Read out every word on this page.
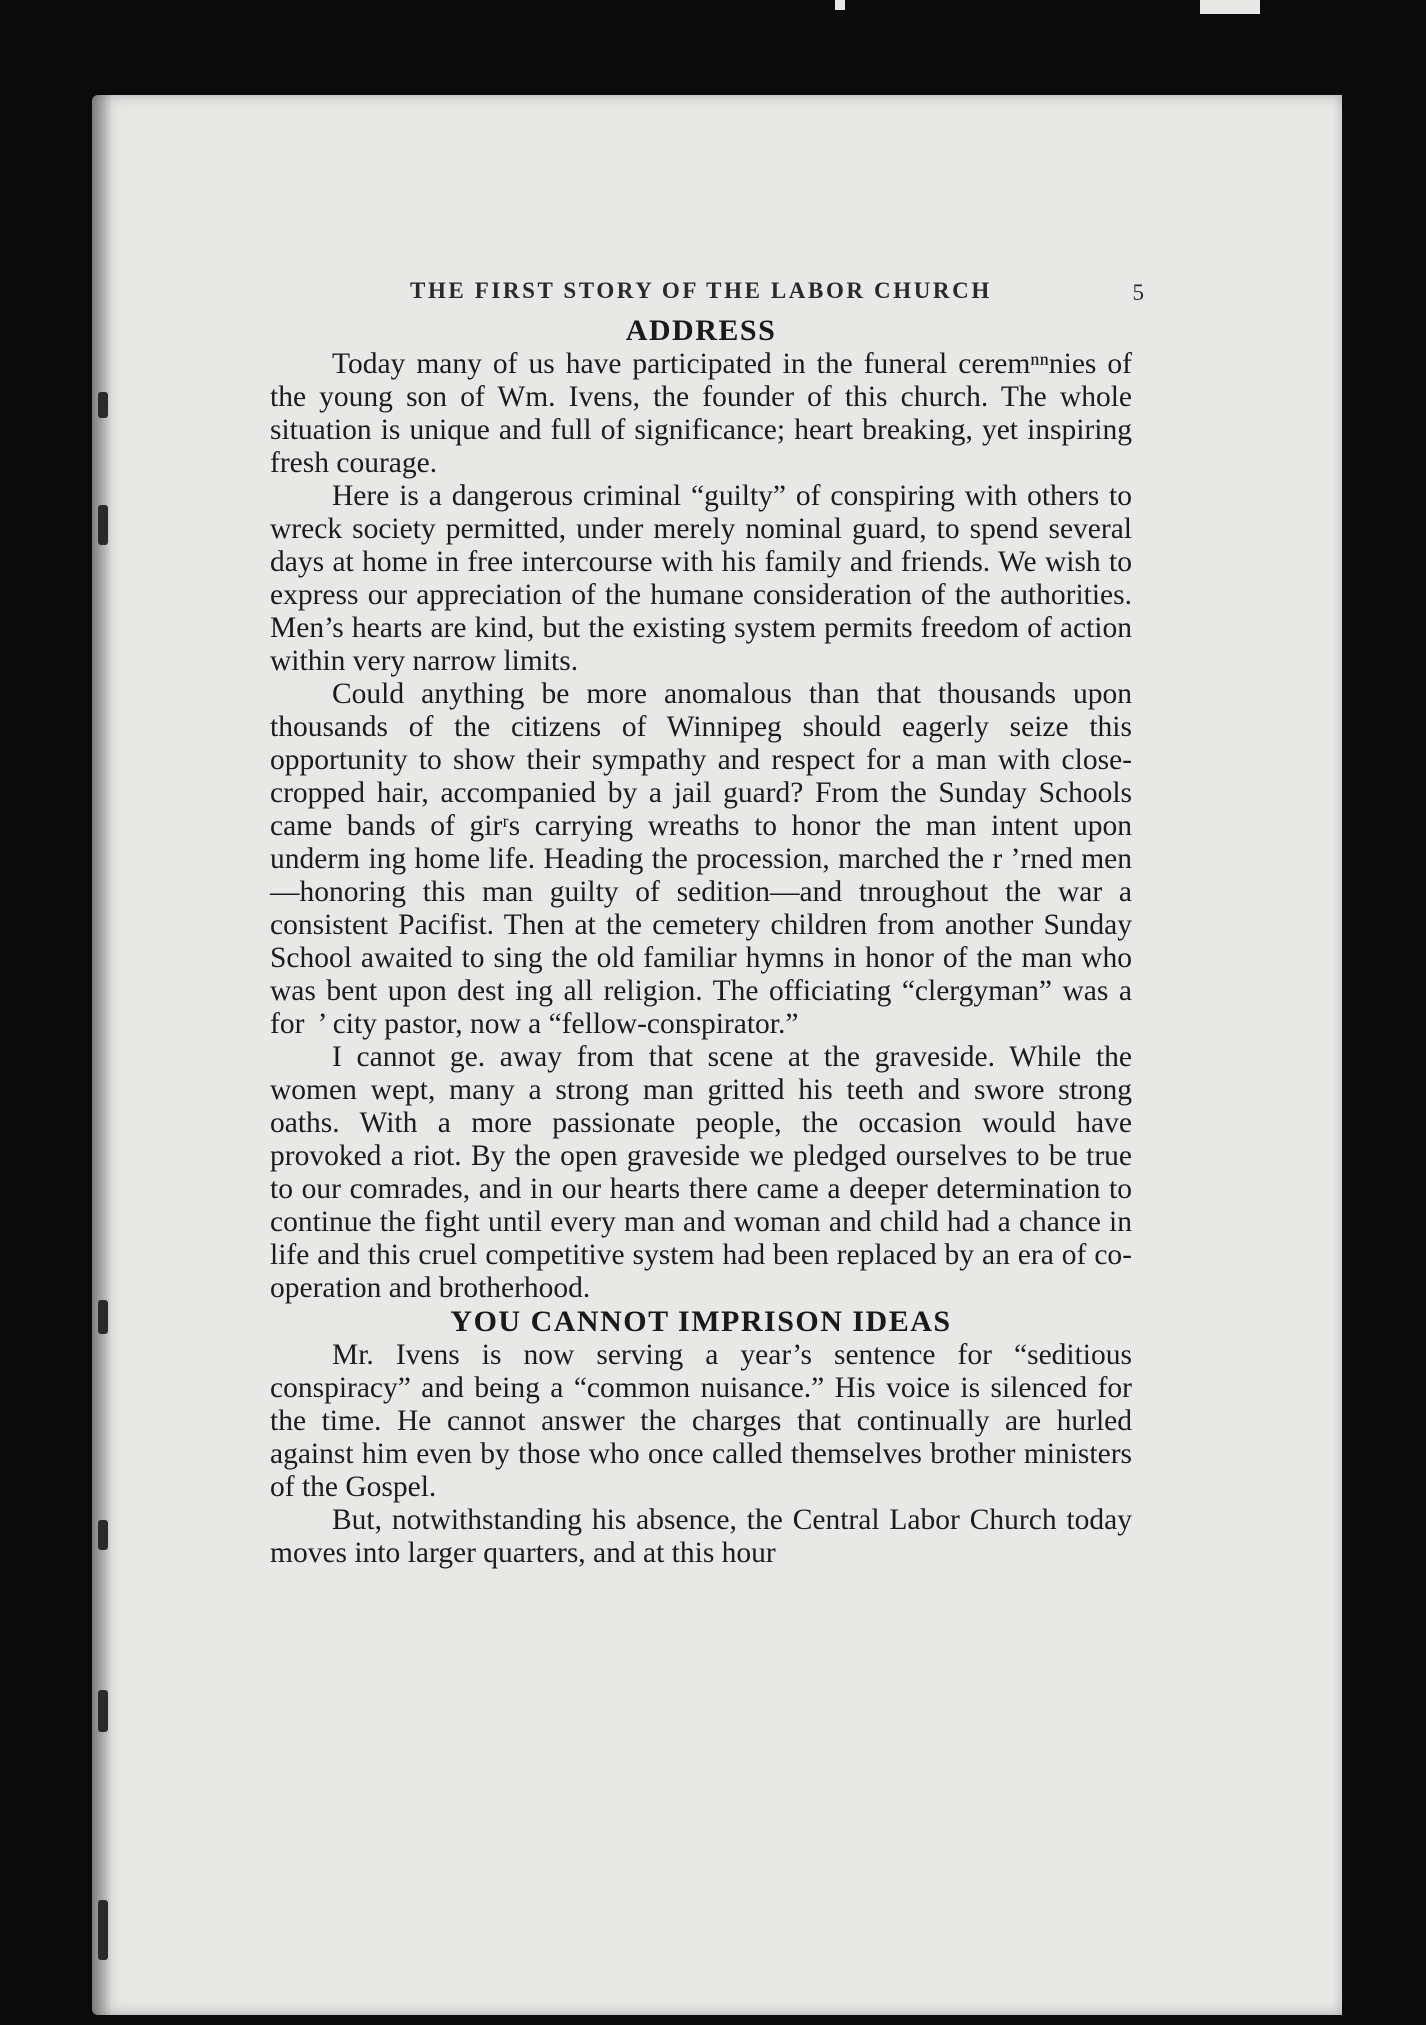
THE FIRST STORY OF THE LABOR CHURCH	5
ADDRESS

Today many of us have participated in the funeral ceremⁿⁿnies of the young son of Wm. Ivens, the founder of this church. The whole situation is unique and full of significance; heart breaking, yet inspiring fresh courage.

Here is a dangerous criminal “guilty” of conspiring with others to wreck society permitted, under merely nominal guard, to spend several days at home in free intercourse with his family and friends. We wish to express our appreciation of the humane consideration of the authorities. Men’s hearts are kind, but the existing system permits freedom of action within very narrow limits.

Could anything be more anomalous than that thousands upon thousands of the citizens of Winnipeg should eagerly seize this opportunity to show their sympathy and respect for a man with close-cropped hair, accompanied by a jail guard? From the Sunday Schools came bands of girʳs carrying wreaths to honor the man intent upon underm ing home life. Heading the procession, marched the r ’rned men—honoring this man guilty of sedition—and tnroughout the war a consistent Pacifist. Then at the cemetery children from another Sunday School awaited to sing the old familiar hymns in honor of the man who was bent upon dest ing all religion. The officiating “clergyman” was a for  ’ city pastor, now a “fellow-conspirator.”

I cannot ge. away from that scene at the graveside. While the women wept, many a strong man gritted his teeth and swore strong oaths. With a more passionate people, the occasion would have provoked a riot. By the open graveside we pledged ourselves to be true to our comrades, and in our hearts there came a deeper determination to continue the fight until every man and woman and child had a chance in life and this cruel competitive system had been replaced by an era of co-operation and brotherhood.

YOU CANNOT IMPRISON IDEAS

Mr. Ivens is now serving a year’s sentence for “seditious conspiracy” and being a “common nuisance.” His voice is silenced for the time. He cannot answer the charges that continually are hurled against him even by those who once called themselves brother ministers of the Gospel.

But, notwithstanding his absence, the Central Labor Church today moves into larger quarters, and at this hour
